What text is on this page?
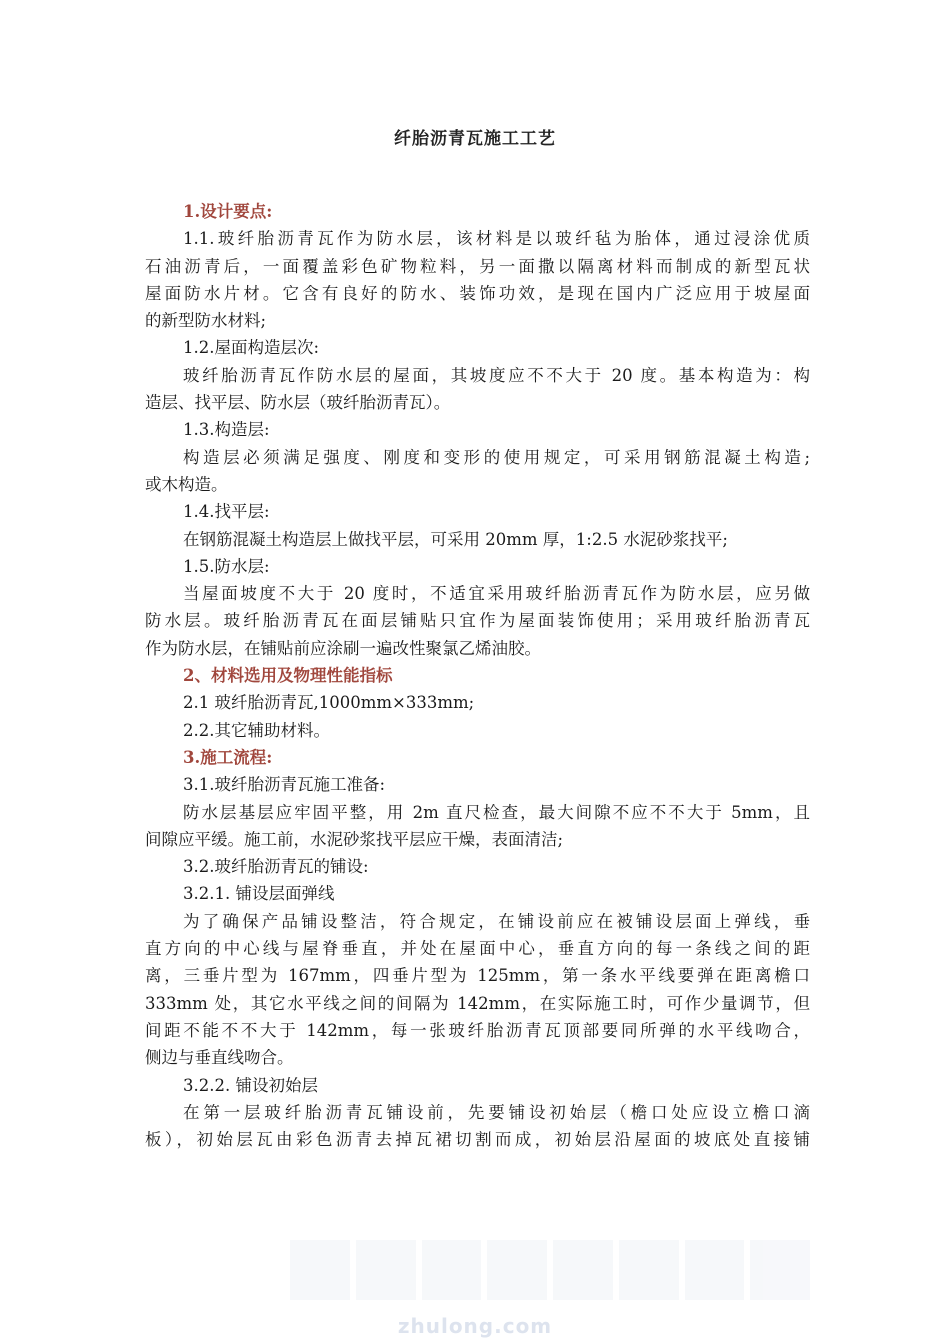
纤胎沥青瓦施工工艺
1.设计要点:
1.1.玻纤胎沥青瓦作为防水层，该材料是以玻纤毡为胎体，通过浸涂优质
石油沥青后，一面覆盖彩色矿物粒料，另一面撒以隔离材料而制成的新型瓦状
屋面防水片材。它含有良好的防水、装饰功效，是现在国内广泛应用于坡屋面
的新型防水材料;
1.2.屋面构造层次:
玻纤胎沥青瓦作防水层的屋面，其坡度应不不大于 20 度。基本构造为：构
造层、找平层、防水层（玻纤胎沥青瓦）。
1.3.构造层:
构造层必须满足强度、刚度和变形的使用规定，可采用钢筋混凝土构造;
或木构造。
1.4.找平层:
在钢筋混凝土构造层上做找平层，可采用 20mm 厚，1:2.5 水泥砂浆找平;
1.5.防水层:
当屋面坡度不大于 20 度时，不适宜采用玻纤胎沥青瓦作为防水层，应另做
防水层。玻纤胎沥青瓦在面层铺贴只宜作为屋面装饰使用；采用玻纤胎沥青瓦
作为防水层，在铺贴前应涂刷一遍改性聚氯乙烯油胶。
2、材料选用及物理性能指标
2.1 玻纤胎沥青瓦,1000mm×333mm;
2.2.其它辅助材料。
3.施工流程:
3.1.玻纤胎沥青瓦施工准备:
防水层基层应牢固平整，用 2m 直尺检查，最大间隙不应不不大于 5mm，且
间隙应平缓。施工前，水泥砂浆找平层应干燥，表面清洁;
3.2.玻纤胎沥青瓦的铺设:
3.2.1. 铺设层面弹线
为了确保产品铺设整洁，符合规定，在铺设前应在被铺设层面上弹线，垂
直方向的中心线与屋脊垂直，并处在屋面中心，垂直方向的每一条线之间的距
离，三垂片型为 167mm，四垂片型为 125mm，第一条水平线要弹在距离檐口
333mm 处，其它水平线之间的间隔为 142mm，在实际施工时，可作少量调节，但
间距不能不不大于 142mm，每一张玻纤胎沥青瓦顶部要同所弹的水平线吻合，
侧边与垂直线吻合。
3.2.2. 铺设初始层
在第一层玻纤胎沥青瓦铺设前，先要铺设初始层（檐口处应设立檐口滴
板），初始层瓦由彩色沥青去掉瓦裙切割而成，初始层沿屋面的坡底处直接铺
zhulong.com
